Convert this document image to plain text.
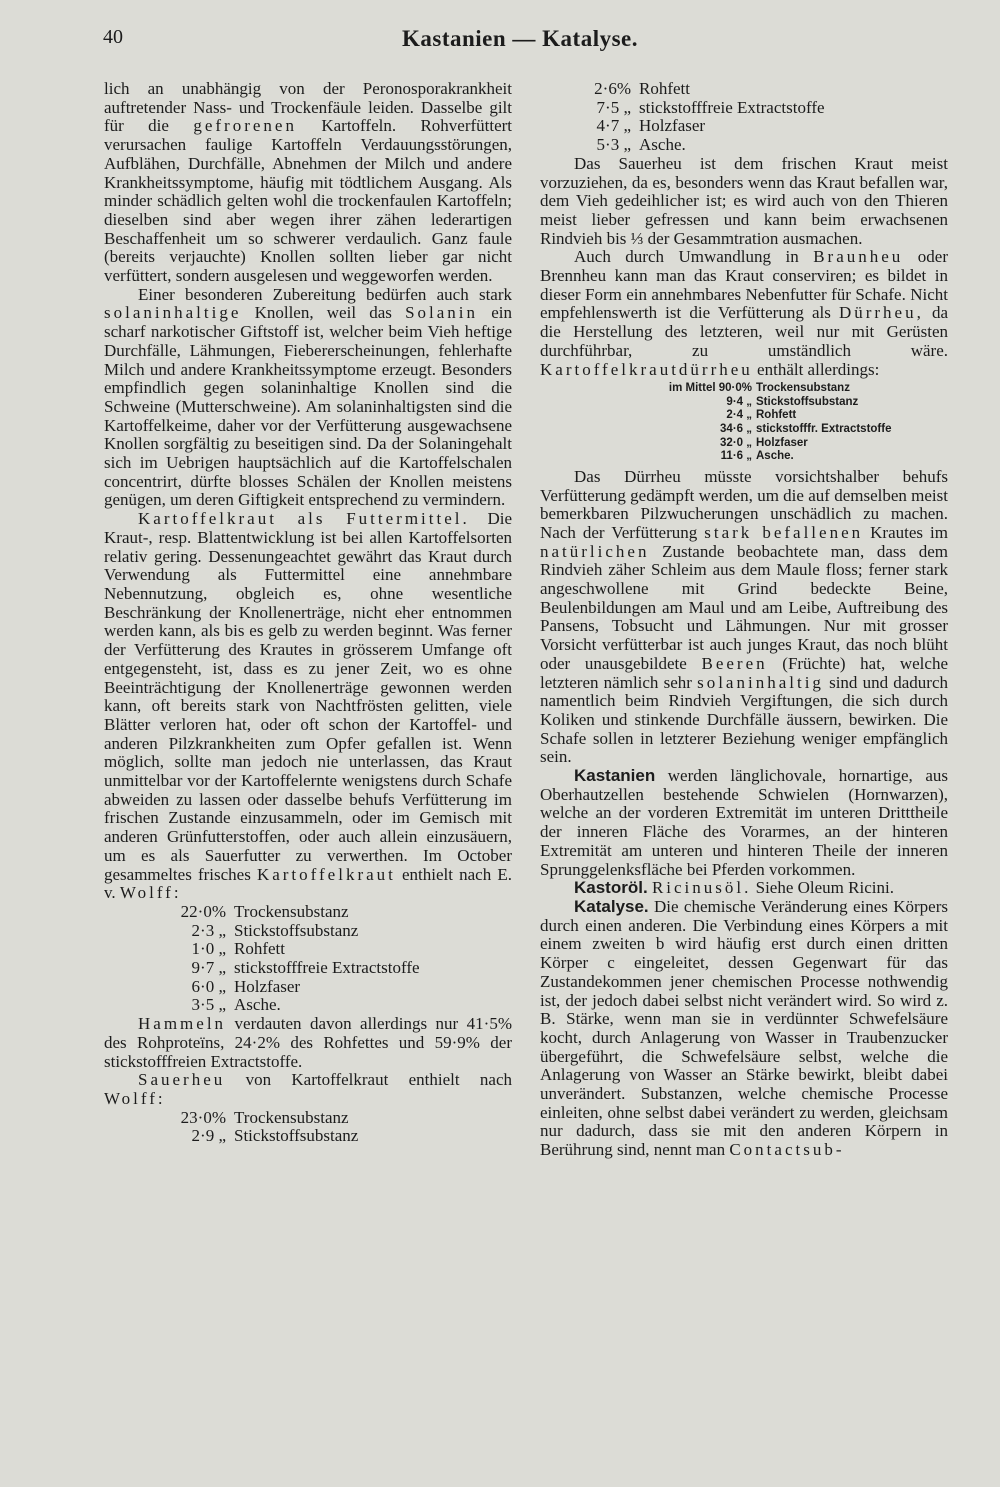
40	Kastanien — Katalyse.

lich an unabhängig von der Peronosporakrankheit auftretender Nass- und Trockenfäule leiden. Dasselbe gilt für die gefrorenen Kartoffeln. Rohverfüttert verursachen faulige Kartoffeln Verdauungsstörungen, Aufblähen, Durchfälle, Abnehmen der Milch und andere Krankheitssymptome, häufig mit tödtlichem Ausgang. Als minder schädlich gelten wohl die trockenfaulen Kartoffeln; dieselben sind aber wegen ihrer zähen lederartigen Beschaffenheit um so schwerer verdaulich. Ganz faule (bereits verjauchte) Knollen sollten lieber gar nicht verfüttert, sondern ausgelesen und weggeworfen werden.

Einer besonderen Zubereitung bedürfen auch stark solaninhaltige Knollen, weil das Solanin ein scharf narkotischer Giftstoff ist, welcher beim Vieh heftige Durchfälle, Lähmungen, Fiebererscheinungen, fehlerhafte Milch und andere Krankheitssymptome erzeugt. Besonders empfindlich gegen solaninhaltige Knollen sind die Schweine (Mutterschweine). Am solaninhaltigsten sind die Kartoffelkeime, daher vor der Verfütterung ausgewachsene Knollen sorgfältig zu beseitigen sind. Da der Solaningehalt sich im Uebrigen hauptsächlich auf die Kartoffelschalen concentrirt, dürfte blosses Schälen der Knollen meistens genügen, um deren Giftigkeit entsprechend zu vermindern.

Kartoffelkraut als Futtermittel. Die Kraut-, resp. Blattentwicklung ist bei allen Kartoffelsorten relativ gering. Dessenungeachtet gewährt das Kraut durch Verwendung als Futtermittel eine annehmbare Nebennutzung, obgleich es, ohne wesentliche Beschränkung der Knollenerträge, nicht eher entnommen werden kann, als bis es gelb zu werden beginnt. Was ferner der Verfütterung des Krautes in grösserem Umfange oft entgegensteht, ist, dass es zu jener Zeit, wo es ohne Beeinträchtigung der Knollenerträge gewonnen werden kann, oft bereits stark von Nachtfrösten gelitten, viele Blätter verloren hat, oder oft schon der Kartoffel- und anderen Pilzkrankheiten zum Opfer gefallen ist. Wenn möglich, sollte man jedoch nie unterlassen, das Kraut unmittelbar vor der Kartoffelernte wenigstens durch Schafe abweiden zu lassen oder dasselbe behufs Verfütterung im frischen Zustande einzusammeln, oder im Gemisch mit anderen Grünfutterstoffen, oder auch allein einzusäuern, um es als Sauerfutter zu verwerthen. Im October gesammeltes frisches Kartoffelkraut enthielt nach E. v. Wolff:

22·0% Trockensubstanz
2·3 „ Stickstoffsubstanz
1·0 „ Rohfett
9·7 „ stickstofffreie Extractstoffe
6·0 „ Holzfaser
3·5 „ Asche.

Hammeln verdauten davon allerdings nur 41·5% des Rohproteïns, 24·2% des Rohfettes und 59·9% der stickstofffreien Extractstoffe.

Sauerheu von Kartoffelkraut enthielt nach Wolff:

23·0% Trockensubstanz
2·9 „ Stickstoffsubstanz
2·6% Rohfett
7·5 „ stickstofffreie Extractstoffe
4·7 „ Holzfaser
5·3 „ Asche.

Das Sauerheu ist dem frischen Kraut meist vorzuziehen, da es, besonders wenn das Kraut befallen war, dem Vieh gedeihlicher ist; es wird auch von den Thieren meist lieber gefressen und kann beim erwachsenen Rindvieh bis ⅓ der Gesammtration ausmachen.

Auch durch Umwandlung in Braunheu oder Brennheu kann man das Kraut conserviren; es bildet in dieser Form ein annehmbares Nebenfutter für Schafe. Nicht empfehlenswerth ist die Verfütterung als Dürrheu, da die Herstellung des letzteren, weil nur mit Gerüsten durchführbar, zu umständlich wäre. Kartoffelkrautdürrheu enthält allerdings:

im Mittel 90·0% Trockensubstanz
9·4 „ Stickstoffsubstanz
2·4 „ Rohfett
34·6 „ stickstofffr. Extractstoffe
32·0 „ Holzfaser
11·6 „ Asche.

Das Dürrheu müsste vorsichtshalber behufs Verfütterung gedämpft werden, um die auf demselben meist bemerkbaren Pilzwucherungen unschädlich zu machen. Nach der Verfütterung stark befallenen Krautes im natürlichen Zustande beobachtete man, dass dem Rindvieh zäher Schleim aus dem Maule floss; ferner stark angeschwollene mit Grind bedeckte Beine, Beulenbildungen am Maul und am Leibe, Auftreibung des Pansens, Tobsucht und Lähmungen. Nur mit grosser Vorsicht verfütterbar ist auch junges Kraut, das noch blüht oder unausgebildete Beeren (Früchte) hat, welche letzteren nämlich sehr solaninhaltig sind und dadurch namentlich beim Rindvieh Vergiftungen, die sich durch Koliken und stinkende Durchfälle äussern, bewirken. Die Schafe sollen in letzterer Beziehung weniger empfänglich sein.

Kastanien werden länglichovale, hornartige, aus Oberhautzellen bestehende Schwielen (Hornwarzen), welche an der vorderen Extremität im unteren Dritttheile der inneren Fläche des Vorarmes, an der hinteren Extremität am unteren und hinteren Theile der inneren Sprunggelenksfläche bei Pferden vorkommen.

Kastoröl. Ricinusöl. Siehe Oleum Ricini.

Katalyse. Die chemische Veränderung eines Körpers durch einen anderen. Die Verbindung eines Körpers a mit einem zweiten b wird häufig erst durch einen dritten Körper c eingeleitet, dessen Gegenwart für das Zustandekommen jener chemischen Processe nothwendig ist, der jedoch dabei selbst nicht verändert wird. So wird z. B. Stärke, wenn man sie in verdünnter Schwefelsäure kocht, durch Anlagerung von Wasser in Traubenzucker übergeführt, die Schwefelsäure selbst, welche die Anlagerung von Wasser an Stärke bewirkt, bleibt dabei unverändert. Substanzen, welche chemische Processe einleiten, ohne selbst dabei verändert zu werden, gleichsam nur dadurch, dass sie mit den anderen Körpern in Berührung sind, nennt man Contactsub-
